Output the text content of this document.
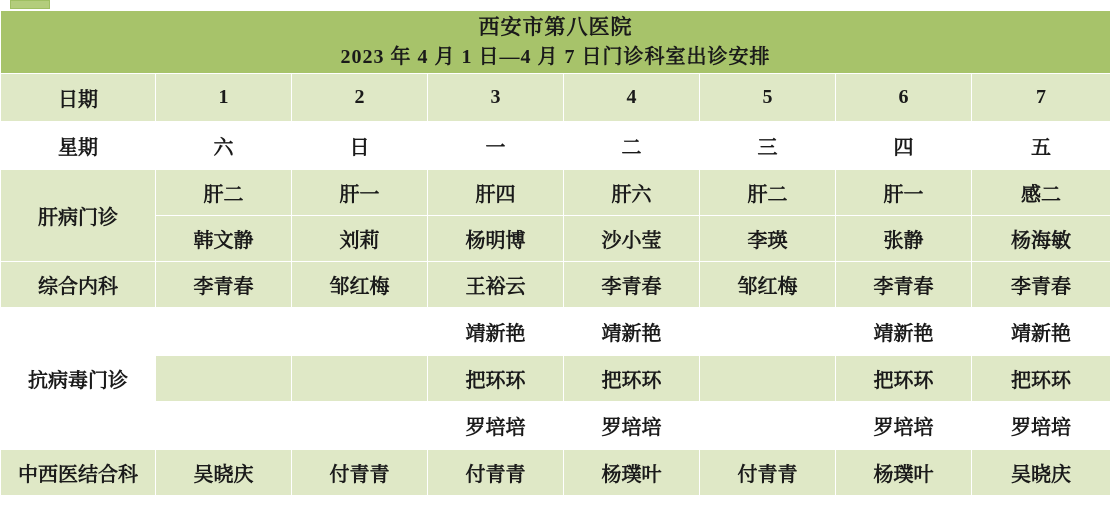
西安市第八医院
2023 年 4 月 1 日—4 月 7 日门诊科室出诊安排							

日期	1	2	3	4	5	6	7
星期	六	日	一	二	三	四	五
肝病门诊	肝二	肝一	肝四	肝六	肝二	肝一	感二
	韩文静	刘莉	杨明博	沙小莹	李瑛	张静	杨海敏
综合内科	李青春	邹红梅	王裕云	李青春	邹红梅	李青春	李青春
抗病毒门诊			靖新艳	靖新艳		靖新艳	靖新艳
			把环环	把环环		把环环	把环环
			罗培培	罗培培		罗培培	罗培培
中西医结合科	吴晓庆	付青青	付青青	杨璞叶	付青青	杨璞叶	吴晓庆
